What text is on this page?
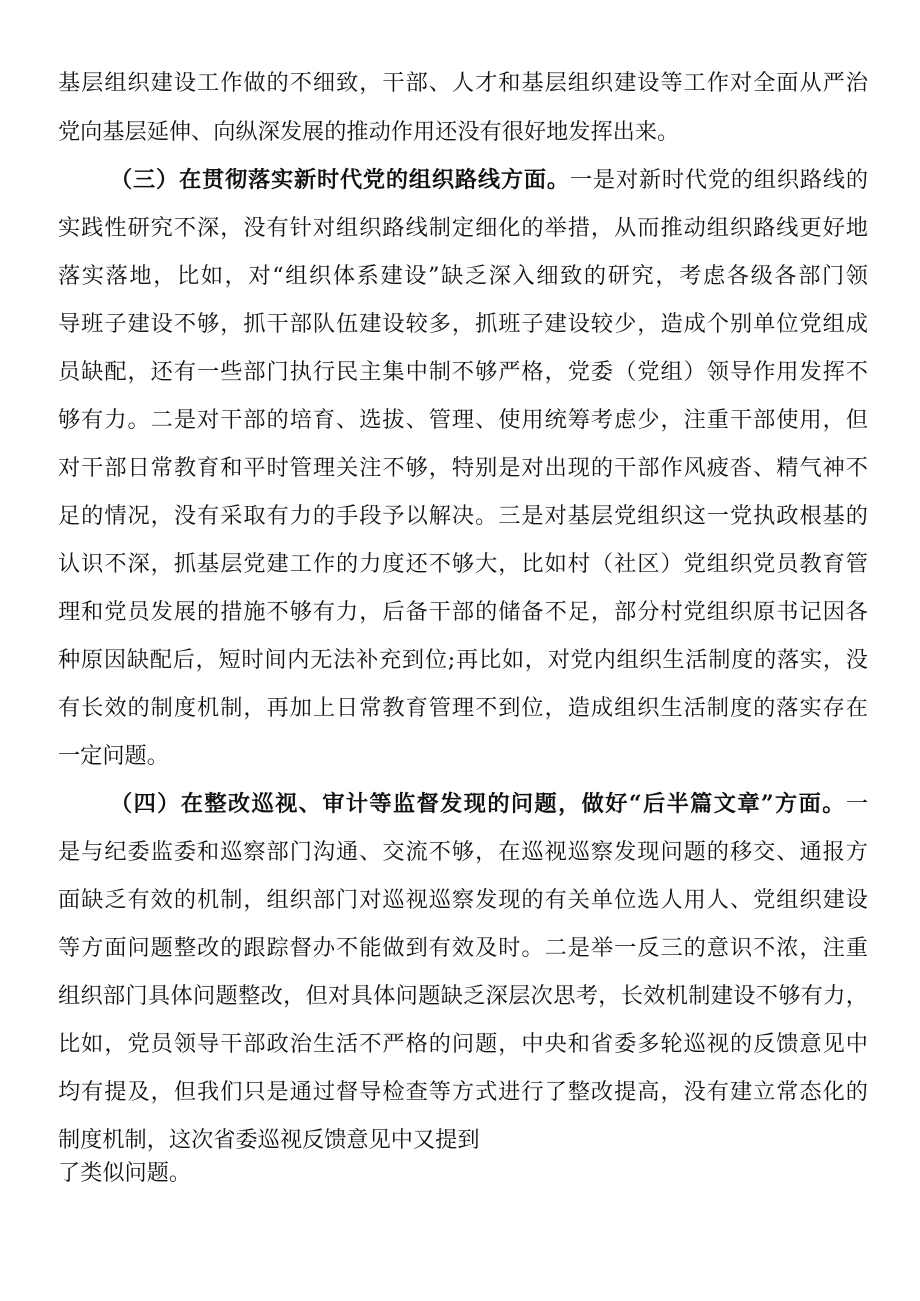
基层组织建设工作做的不细致，干部、人才和基层组织建设等工作对全面从严治
党向基层延伸、向纵深发展的推动作用还没有很好地发挥出来。
（三）在贯彻落实新时代党的组织路线方面。一是对新时代党的组织路线的
实践性研究不深，没有针对组织路线制定细化的举措，从而推动组织路线更好地
落实落地，比如，对“组织体系建设”缺乏深入细致的研究，考虑各级各部门领
导班子建设不够，抓干部队伍建设较多，抓班子建设较少，造成个别单位党组成
员缺配，还有一些部门执行民主集中制不够严格，党委（党组）领导作用发挥不
够有力。二是对干部的培育、选拔、管理、使用统筹考虑少，注重干部使用，但
对干部日常教育和平时管理关注不够，特别是对出现的干部作风疲沓、精气神不
足的情况，没有采取有力的手段予以解决。三是对基层党组织这一党执政根基的
认识不深，抓基层党建工作的力度还不够大，比如村（社区）党组织党员教育管
理和党员发展的措施不够有力，后备干部的储备不足，部分村党组织原书记因各
种原因缺配后，短时间内无法补充到位;再比如，对党内组织生活制度的落实，没
有长效的制度机制，再加上日常教育管理不到位，造成组织生活制度的落实存在
一定问题。
（四）在整改巡视、审计等监督发现的问题，做好“后半篇文章”方面。一
是与纪委监委和巡察部门沟通、交流不够，在巡视巡察发现问题的移交、通报方
面缺乏有效的机制，组织部门对巡视巡察发现的有关单位选人用人、党组织建设
等方面问题整改的跟踪督办不能做到有效及时。二是举一反三的意识不浓，注重
组织部门具体问题整改，但对具体问题缺乏深层次思考，长效机制建设不够有力，
比如，党员领导干部政治生活不严格的问题，中央和省委多轮巡视的反馈意见中
均有提及，但我们只是通过督导检查等方式进行了整改提高，没有建立常态化的
制度机制，这次省委巡视反馈意见中又提到
了类似问题。
